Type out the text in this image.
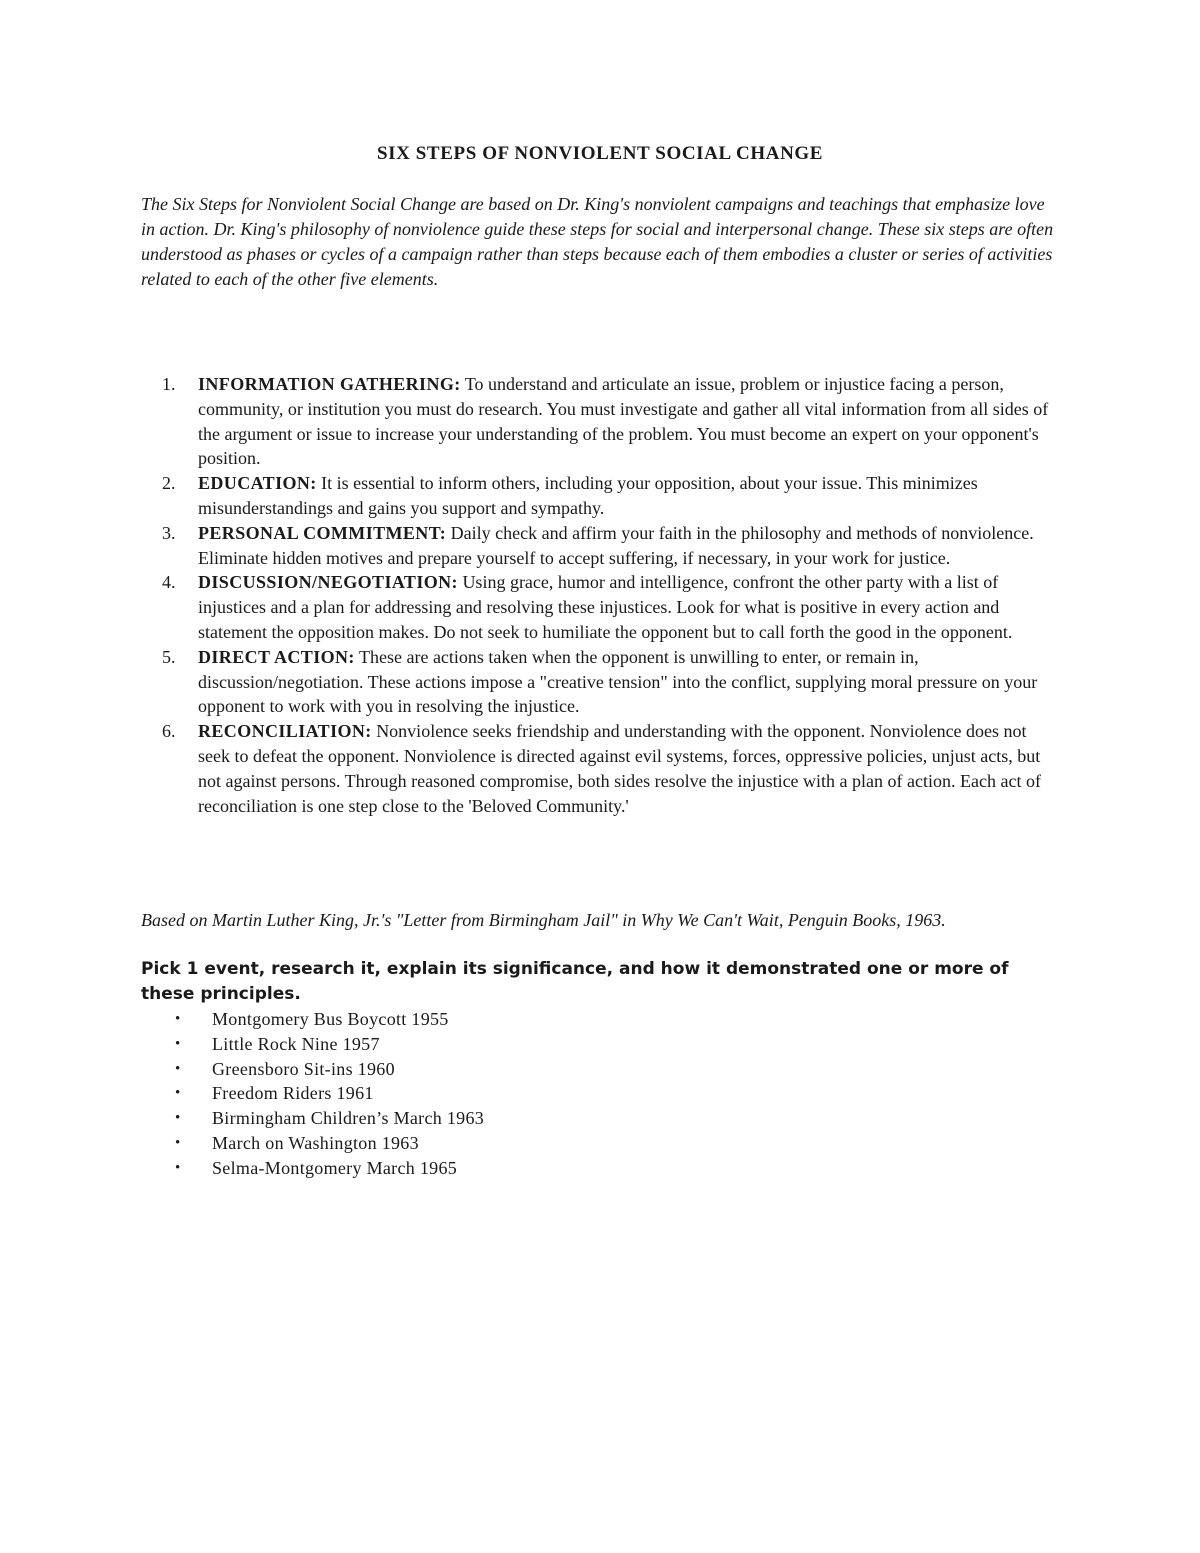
SIX STEPS OF NONVIOLENT SOCIAL CHANGE

The Six Steps for Nonviolent Social Change are based on Dr. King's nonviolent campaigns and teachings that emphasize love in action. Dr. King's philosophy of nonviolence guide these steps for social and interpersonal change. These six steps are often understood as phases or cycles of a campaign rather than steps because each of them embodies a cluster or series of activities related to each of the other five elements.

1. INFORMATION GATHERING: To understand and articulate an issue, problem or injustice facing a person, community, or institution you must do research. You must investigate and gather all vital information from all sides of the argument or issue to increase your understanding of the problem. You must become an expert on your opponent's position.
2. EDUCATION: It is essential to inform others, including your opposition, about your issue. This minimizes misunderstandings and gains you support and sympathy.
3. PERSONAL COMMITMENT: Daily check and affirm your faith in the philosophy and methods of nonviolence. Eliminate hidden motives and prepare yourself to accept suffering, if necessary, in your work for justice.
4. DISCUSSION/NEGOTIATION: Using grace, humor and intelligence, confront the other party with a list of injustices and a plan for addressing and resolving these injustices. Look for what is positive in every action and statement the opposition makes. Do not seek to humiliate the opponent but to call forth the good in the opponent.
5. DIRECT ACTION: These are actions taken when the opponent is unwilling to enter, or remain in, discussion/negotiation. These actions impose a "creative tension" into the conflict, supplying moral pressure on your opponent to work with you in resolving the injustice.
6. RECONCILIATION: Nonviolence seeks friendship and understanding with the opponent. Nonviolence does not seek to defeat the opponent. Nonviolence is directed against evil systems, forces, oppressive policies, unjust acts, but not against persons. Through reasoned compromise, both sides resolve the injustice with a plan of action. Each act of reconciliation is one step close to the 'Beloved Community.'

Based on Martin Luther King, Jr.'s "Letter from Birmingham Jail" in Why We Can't Wait, Penguin Books, 1963.

Pick 1 event, research it, explain its significance, and how it demonstrated one or more of these principles.

• Montgomery Bus Boycott 1955
• Little Rock Nine 1957
• Greensboro Sit-ins 1960
• Freedom Riders 1961
• Birmingham Children’s March 1963
• March on Washington 1963
• Selma-Montgomery March 1965
